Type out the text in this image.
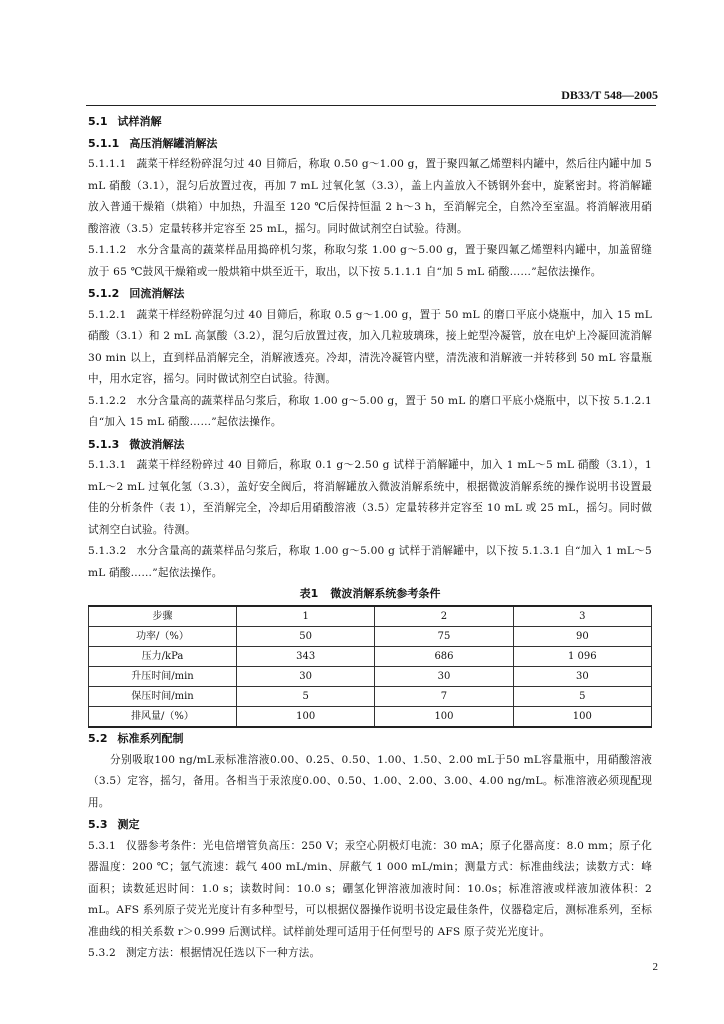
DB33/T 548—2005
5.1 试样消解
5.1.1 高压消解罐消解法

5.1.1.1 蔬菜干样经粉碎混匀过 40 目筛后，称取 0.50 g～1.00 g，置于聚四氟乙烯塑料内罐中，然后往内罐中加 5 mL 硝酸（3.1），混匀后放置过夜，再加 7 mL 过氧化氢（3.3），盖上内盖放入不锈钢外套中，旋紧密封。将消解罐放入普通干燥箱（烘箱）中加热，升温至 120 ℃后保持恒温 2 h～3 h，至消解完全，自然冷至室温。将消解液用硝酸溶液（3.5）定量转移并定容至 25 mL，摇匀。同时做试剂空白试验。待测。

5.1.1.2 水分含量高的蔬菜样品用捣碎机匀浆，称取匀浆 1.00 g～5.00 g，置于聚四氟乙烯塑料内罐中，加盖留缝放于 65 ℃鼓风干燥箱或一般烘箱中烘至近干，取出，以下按 5.1.1.1 自“加 5 mL 硝酸……”起依法操作。

5.1.2 回流消解法

5.1.2.1 蔬菜干样经粉碎混匀过 40 目筛后，称取 0.5 g～1.00 g，置于 50 mL 的磨口平底小烧瓶中，加入 15 mL 硝酸（3.1）和 2 mL 高氯酸（3.2），混匀后放置过夜，加入几粒玻璃珠，接上蛇型冷凝管，放在电炉上冷凝回流消解 30 min 以上，直到样品消解完全，消解液透亮。冷却，清洗冷凝管内壁，清洗液和消解液一并转移到 50 mL 容量瓶中，用水定容，摇匀。同时做试剂空白试验。待测。

5.1.2.2 水分含量高的蔬菜样品匀浆后，称取 1.00 g～5.00 g，置于 50 mL 的磨口平底小烧瓶中，以下按 5.1.2.1 自“加入 15 mL 硝酸……”起依法操作。

5.1.3 微波消解法

5.1.3.1 蔬菜干样经粉碎过 40 目筛后，称取 0.1 g～2.50 g 试样于消解罐中，加入 1 mL～5 mL 硝酸（3.1），1 mL～2 mL 过氧化氢（3.3），盖好安全阀后，将消解罐放入微波消解系统中，根据微波消解系统的操作说明书设置最佳的分析条件（表 1），至消解完全，冷却后用硝酸溶液（3.5）定量转移并定容至 10 mL 或 25 mL，摇匀。同时做试剂空白试验。待测。

5.1.3.2 水分含量高的蔬菜样品匀浆后，称取 1.00 g～5.00 g 试样于消解罐中，以下按 5.1.3.1 自“加入 1 mL～5 mL 硝酸……”起依法操作。

表1 微波消解系统参考条件
步骤	1	2	3
功率/（%）	50	75	90
压力/kPa	343	686	1 096
升压时间/min	30	30	30
保压时间/min	5	7	5
排风量/（%）	100	100	100
5.2 标准系列配制

分别吸取100 ng/mL汞标准溶液0.00、0.25、0.50、1.00、1.50、2.00 mL于50 mL容量瓶中，用硝酸溶液（3.5）定容，摇匀，备用。各相当于汞浓度0.00、0.50、1.00、2.00、3.00、4.00 ng/mL。标准溶液必须现配现用。

5.3 测定

5.3.1 仪器参考条件：光电倍增管负高压：250 V；汞空心阴极灯电流：30 mA；原子化器高度：8.0 mm；原子化器温度：200 ℃；氩气流速：载气 400 mL/min、屏蔽气 1 000 mL/min；测量方式：标准曲线法；读数方式：峰面积；读数延迟时间：1.0 s；读数时间：10.0 s；硼氢化钾溶液加液时间：10.0s；标准溶液或样液加液体积：2 mL。AFS 系列原子荧光光度计有多种型号，可以根据仪器操作说明书设定最佳条件，仪器稳定后，测标准系列，至标准曲线的相关系数 r＞0.999 后测试样。试样前处理可适用于任何型号的 AFS 原子荧光光度计。

5.3.2 测定方法：根据情况任选以下一种方法。

2
